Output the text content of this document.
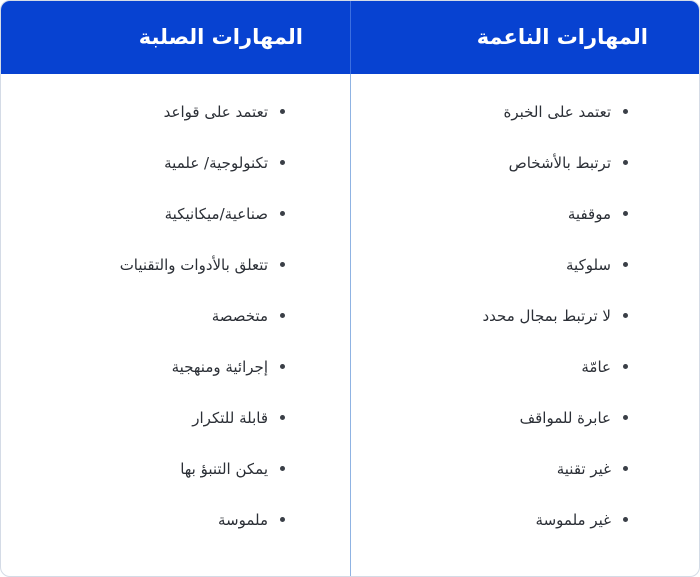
المهارات الصلبة
تعتمد على قواعد
تكنولوجية/ علمية
صناعية/ميكانيكية
تتعلق بالأدوات والتقنيات
متخصصة
إجرائية ومنهجية
قابلة للتكرار
يمكن التنبؤ بها
ملموسة
المهارات الناعمة
تعتمد على الخبرة
ترتبط بالأشخاص
موقفية
سلوكية
لا ترتبط بمجال محدد
عامّة
عابرة للمواقف
غير تقنية
غير ملموسة
